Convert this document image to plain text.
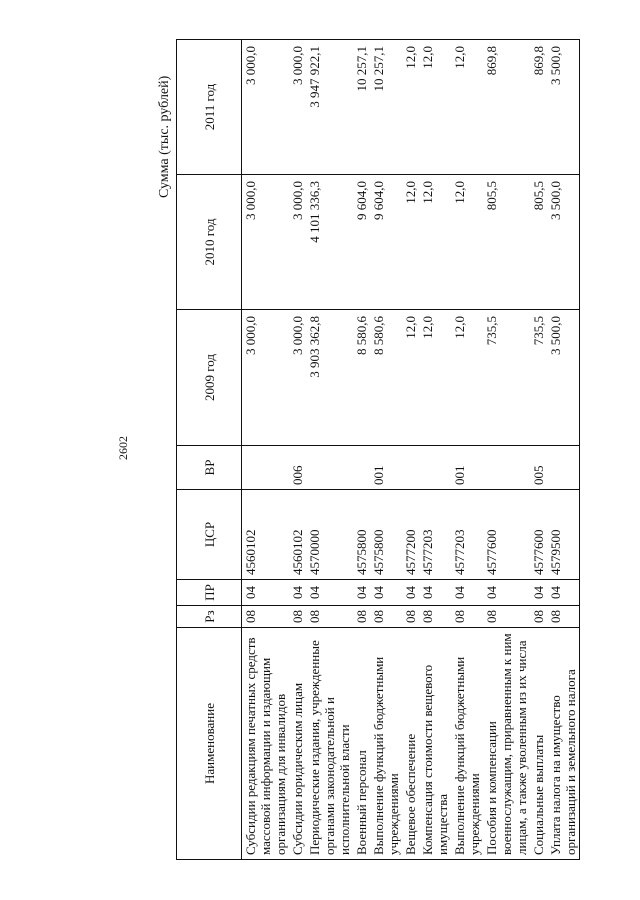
2602
Сумма (тыс. рублей)
Наименование	Рз	ПР	ЦСР	ВР	2009 год	2010 год	2011 год
Субсидии редакциям печатных средств массовой информации и издающим организациям для инвалидов	08	04	4560102		3 000,0	3 000,0	3 000,0
Субсидии юридическим лицам	08	04	4560102	006	3 000,0	3 000,0	3 000,0
Периодические издания, учрежденные органами законодательной и исполнительной власти	08	04	4570000		3 903 362,8	4 101 336,3	3 947 922,1
Военный персонал	08	04	4575800		8 580,6	9 604,0	10 257,1
Выполнение функций бюджетными учреждениями	08	04	4575800	001	8 580,6	9 604,0	10 257,1
Вещевое обеспечение	08	04	4577200		12,0	12,0	12,0
Компенсация стоимости вещевого имущества	08	04	4577203		12,0	12,0	12,0
Выполнение функций бюджетными учреждениями	08	04	4577203	001	12,0	12,0	12,0
Пособия и компенсации военнослужащим, приравненным к ним лицам, а также уволенным из их числа	08	04	4577600		735,5	805,5	869,8
Социальные выплаты	08	04	4577600	005	735,5	805,5	869,8
Уплата налога на имущество организаций и земельного налога	08	04	4579500		3 500,0	3 500,0	3 500,0
